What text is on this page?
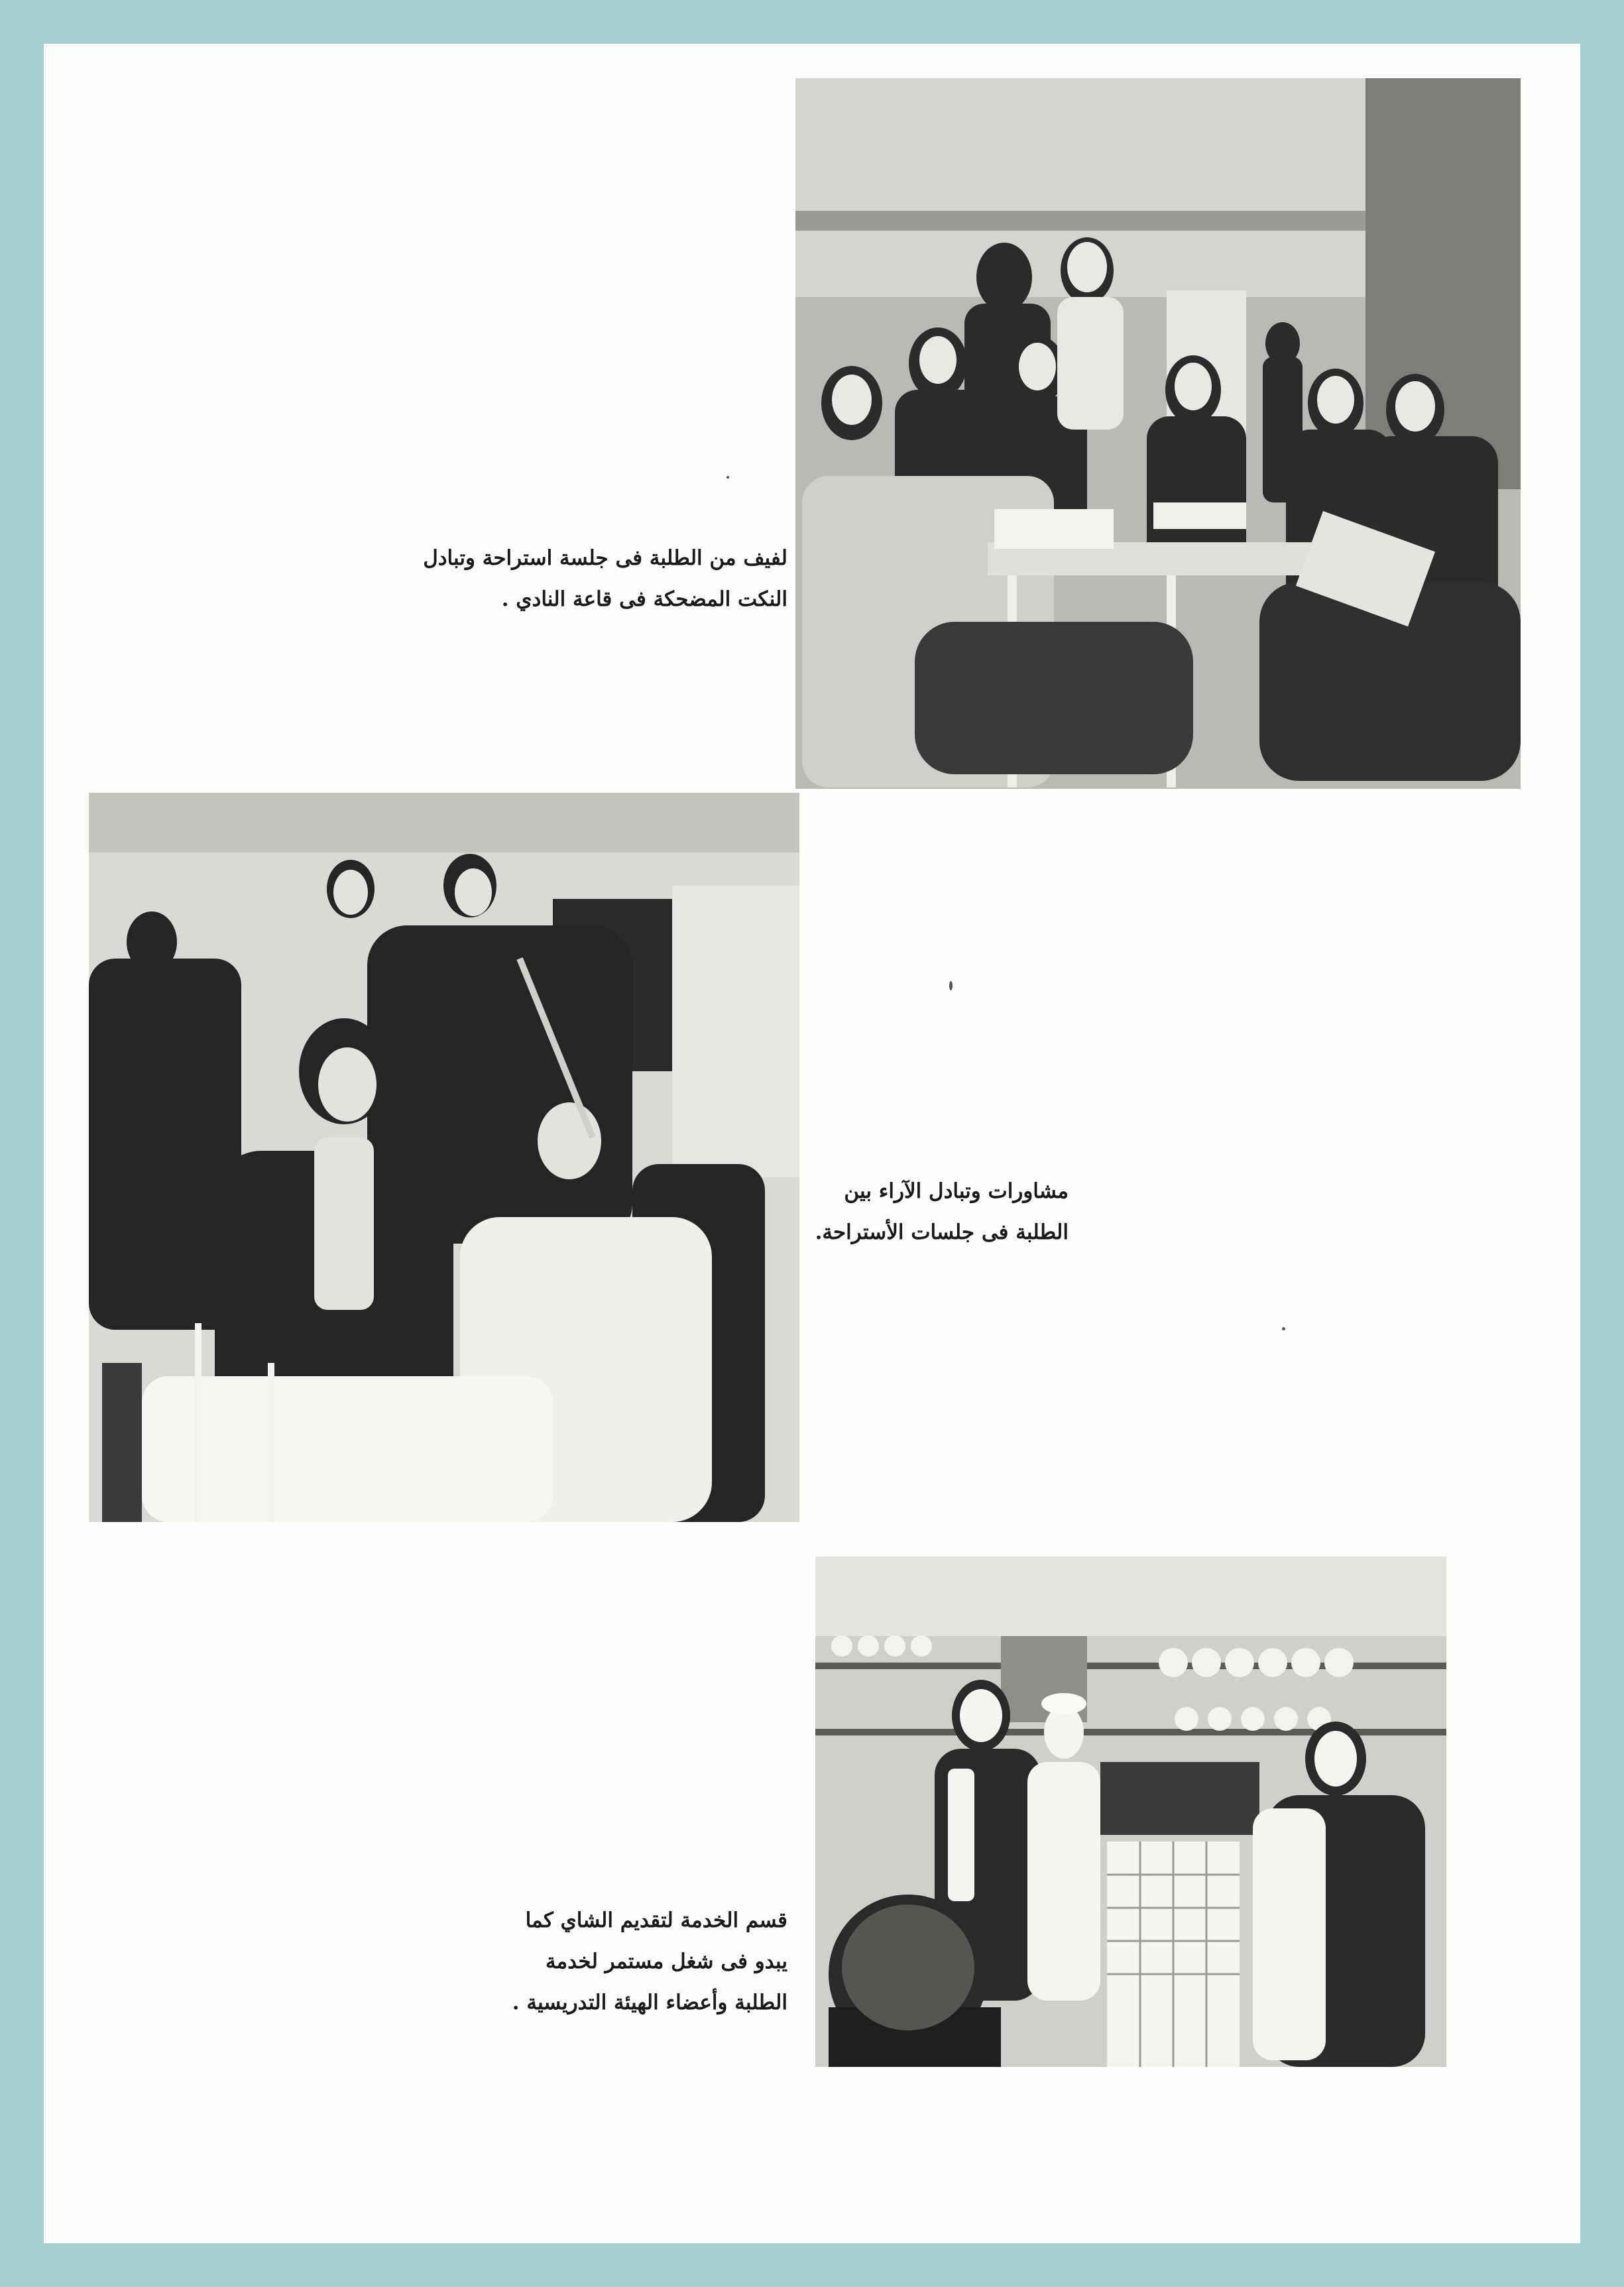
لفيف من الطلبة فى جلسة استراحة وتبادل
النكت المضحكة فى قاعة النادي .
مشاورات وتبادل الآراء بين
الطلبة فى جلسات الأستراحة.
قسم الخدمة لتقديم الشاي كما
يبدو فى شغل مستمر لخدمة
الطلبة وأعضاء الهيئة التدريسية .
